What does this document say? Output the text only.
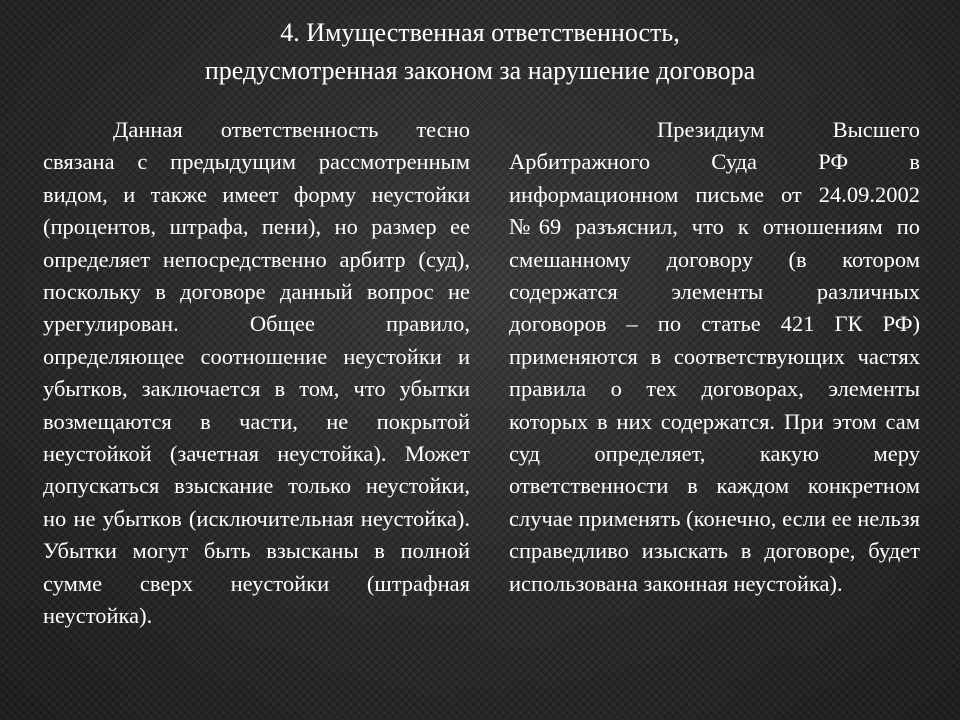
4. Имущественная ответственность,
предусмотренная законом за нарушение договора

Данная ответственность тесно связана с предыдущим рассмотренным видом, и также имеет форму неустойки (процентов, штрафа, пени), но размер ее определяет непосредственно арбитр (суд), поскольку в договоре данный вопрос не урегулирован. Общее правило, определяющее соотношение неустойки и убытков, заключается в том, что убытки возмещаются в части, не покрытой неустойкой (зачетная неустойка). Может допускаться взыскание только неустойки, но не убытков (исключительная неустойка). Убытки могут быть взысканы в полной сумме сверх неустойки (штрафная неустойка).

Президиум Высшего Арбитражного Суда РФ в информационном письме от 24.09.2002 №69 разъяснил, что к отношениям по смешанному договору (в котором содержатся элементы различных договоров – по статье 421 ГК РФ) применяются в соответствующих частях правила о тех договорах, элементы которых в них содержатся. При этом сам суд определяет, какую меру ответственности в каждом конкретном случае применять (конечно, если ее нельзя справедливо изыскать в договоре, будет использована законная неустойка).
